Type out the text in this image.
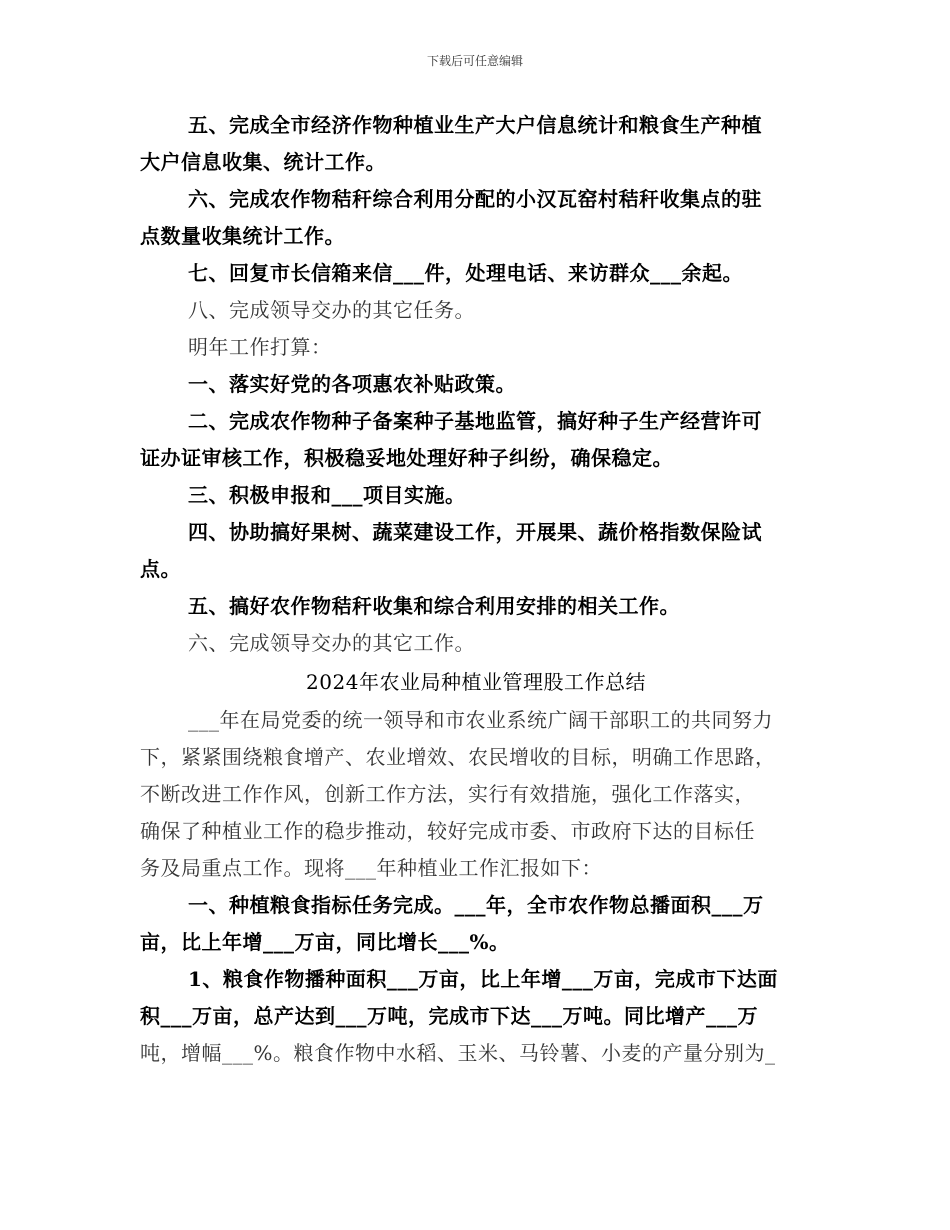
下载后可任意编辑

五、完成全市经济作物种植业生产大户信息统计和粮食生产种植

大户信息收集、统计工作。

六、完成农作物秸秆综合利用分配的小汉瓦窑村秸秆收集点的驻

点数量收集统计工作。

七、回复市长信箱来信___件，处理电话、来访群众___余起。

八、完成领导交办的其它任务。

明年工作打算：

一、落实好党的各项惠农补贴政策。

二、完成农作物种子备案种子基地监管，搞好种子生产经营许可

证办证审核工作，积极稳妥地处理好种子纠纷，确保稳定。

三、积极申报和___项目实施。

四、协助搞好果树、蔬菜建设工作，开展果、蔬价格指数保险试

点。

五、搞好农作物秸秆收集和综合利用安排的相关工作。

六、完成领导交办的其它工作。

2024年农业局种植业管理股工作总结

___年在局党委的统一领导和市农业系统广阔干部职工的共同努力

下，紧紧围绕粮食增产、农业增效、农民增收的目标，明确工作思路，

不断改进工作作风，创新工作方法，实行有效措施，强化工作落实，

确保了种植业工作的稳步推动，较好完成市委、市政府下达的目标任

务及局重点工作。现将___年种植业工作汇报如下：

一、种植粮食指标任务完成。___年，全市农作物总播面积___万

亩，比上年增___万亩，同比增长___%。

1、粮食作物播种面积___万亩，比上年增___万亩，完成市下达面

积___万亩，总产达到___万吨，完成市下达___万吨。同比增产___万

吨，增幅___%。粮食作物中水稻、玉米、马铃薯、小麦的产量分别为_
